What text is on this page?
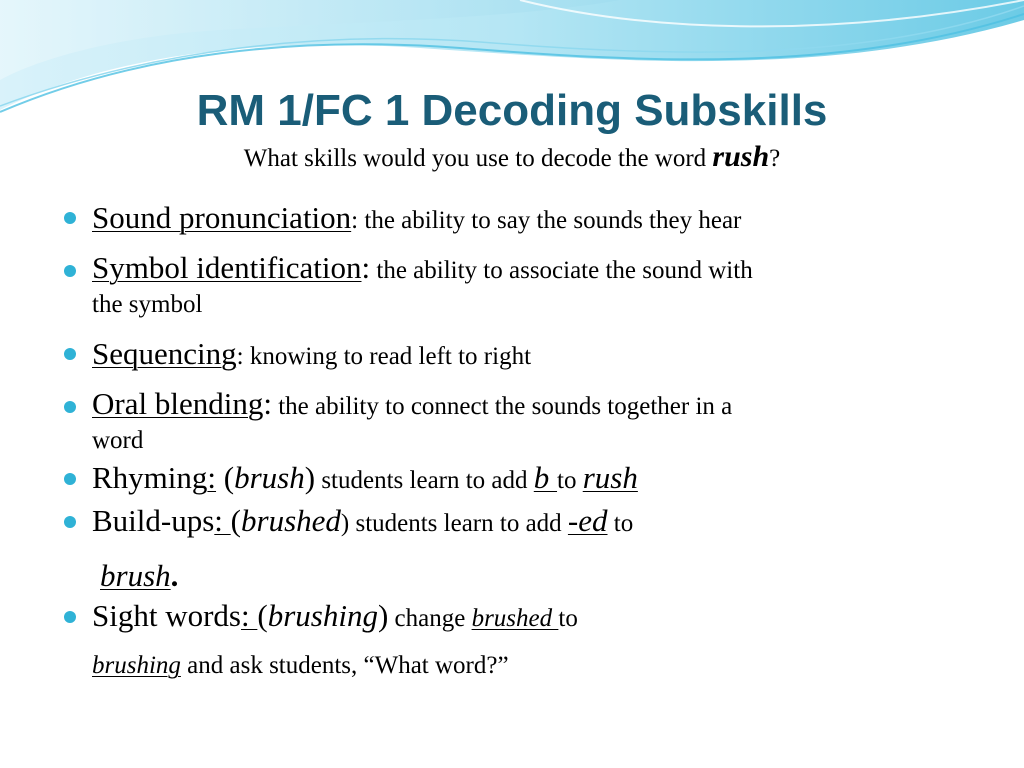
RM 1/FC 1 Decoding Subskills
What skills would you use to decode the word rush?
Sound pronunciation: the ability to say the sounds they hear
Symbol identification: the ability to associate the sound with
the symbol
Sequencing: knowing to read left to right
Oral blending: the ability to connect the sounds together in a
word
Rhyming: (brush) students learn to add b to rush
Build-ups: (brushed) students learn to add -ed to
brush.
Sight words: (brushing) change brushed to
brushing and ask students, “What word?”
